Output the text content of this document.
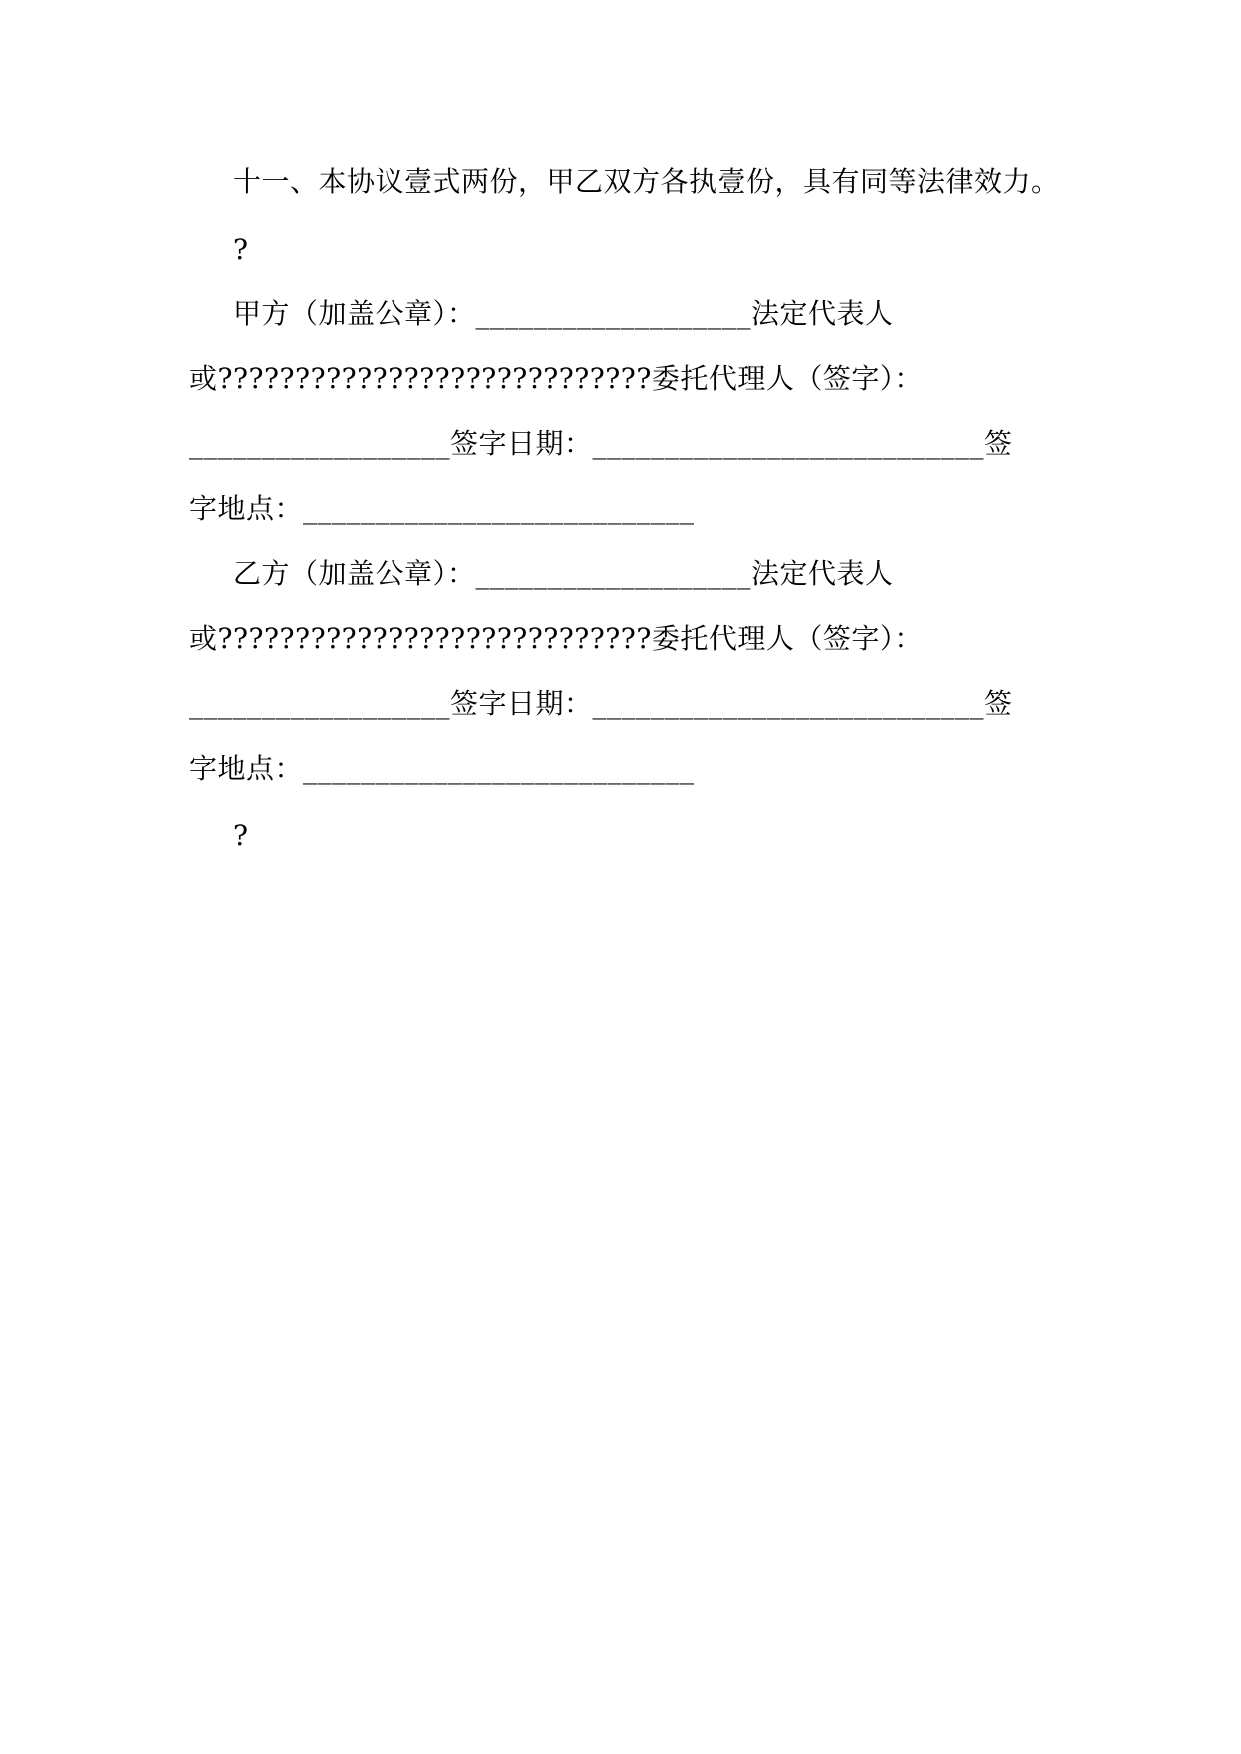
十一、本协议壹式两份，甲乙双方各执壹份，具有同等法律效力。
?
甲方（加盖公章）：___________________法定代表人
或????????????????????????????委托代理人（签字）：
__________________签字日期：___________________________签
字地点：___________________________
乙方（加盖公章）：___________________法定代表人
或????????????????????????????委托代理人（签字）：
__________________签字日期：___________________________签
字地点：___________________________
?
